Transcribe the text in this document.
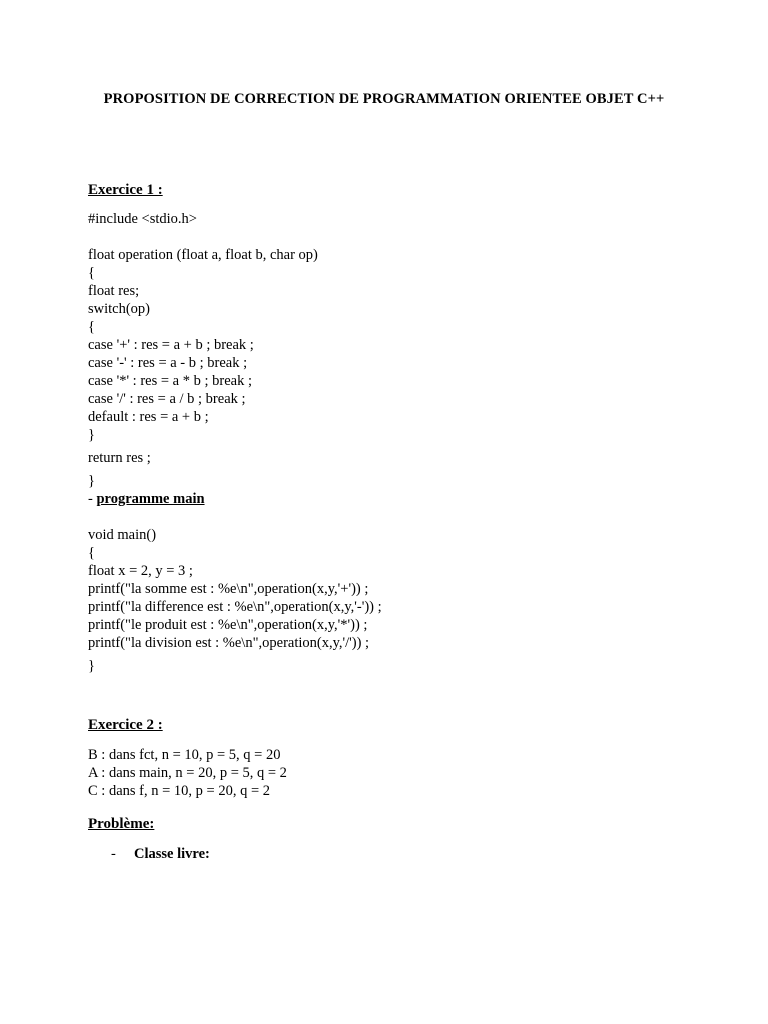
PROPOSITION DE CORRECTION DE PROGRAMMATION ORIENTEE OBJET C++
Exercice 1 :
#include <stdio.h>
float operation (float a, float b, char op)
{
float res;
switch(op)
{
case '+' : res = a + b ; break ;
case '-' : res = a - b ; break ;
case '*' : res = a * b ; break ;
case '/' : res = a / b ; break ;
default : res = a + b ;
}
return res ;
}
- programme main
void main()
{
float x = 2, y = 3 ;
printf("la somme est : %e\n",operation(x,y,'+')) ;
printf("la difference est : %e\n",operation(x,y,'-')) ;
printf("le produit est : %e\n",operation(x,y,'*')) ;
printf("la division est : %e\n",operation(x,y,'/')) ;
}
Exercice 2 :
B : dans fct, n = 10, p = 5, q = 20
A : dans main, n = 20, p = 5, q = 2
C : dans f, n = 10, p = 20, q = 2
Problème:
- Classe livre:
